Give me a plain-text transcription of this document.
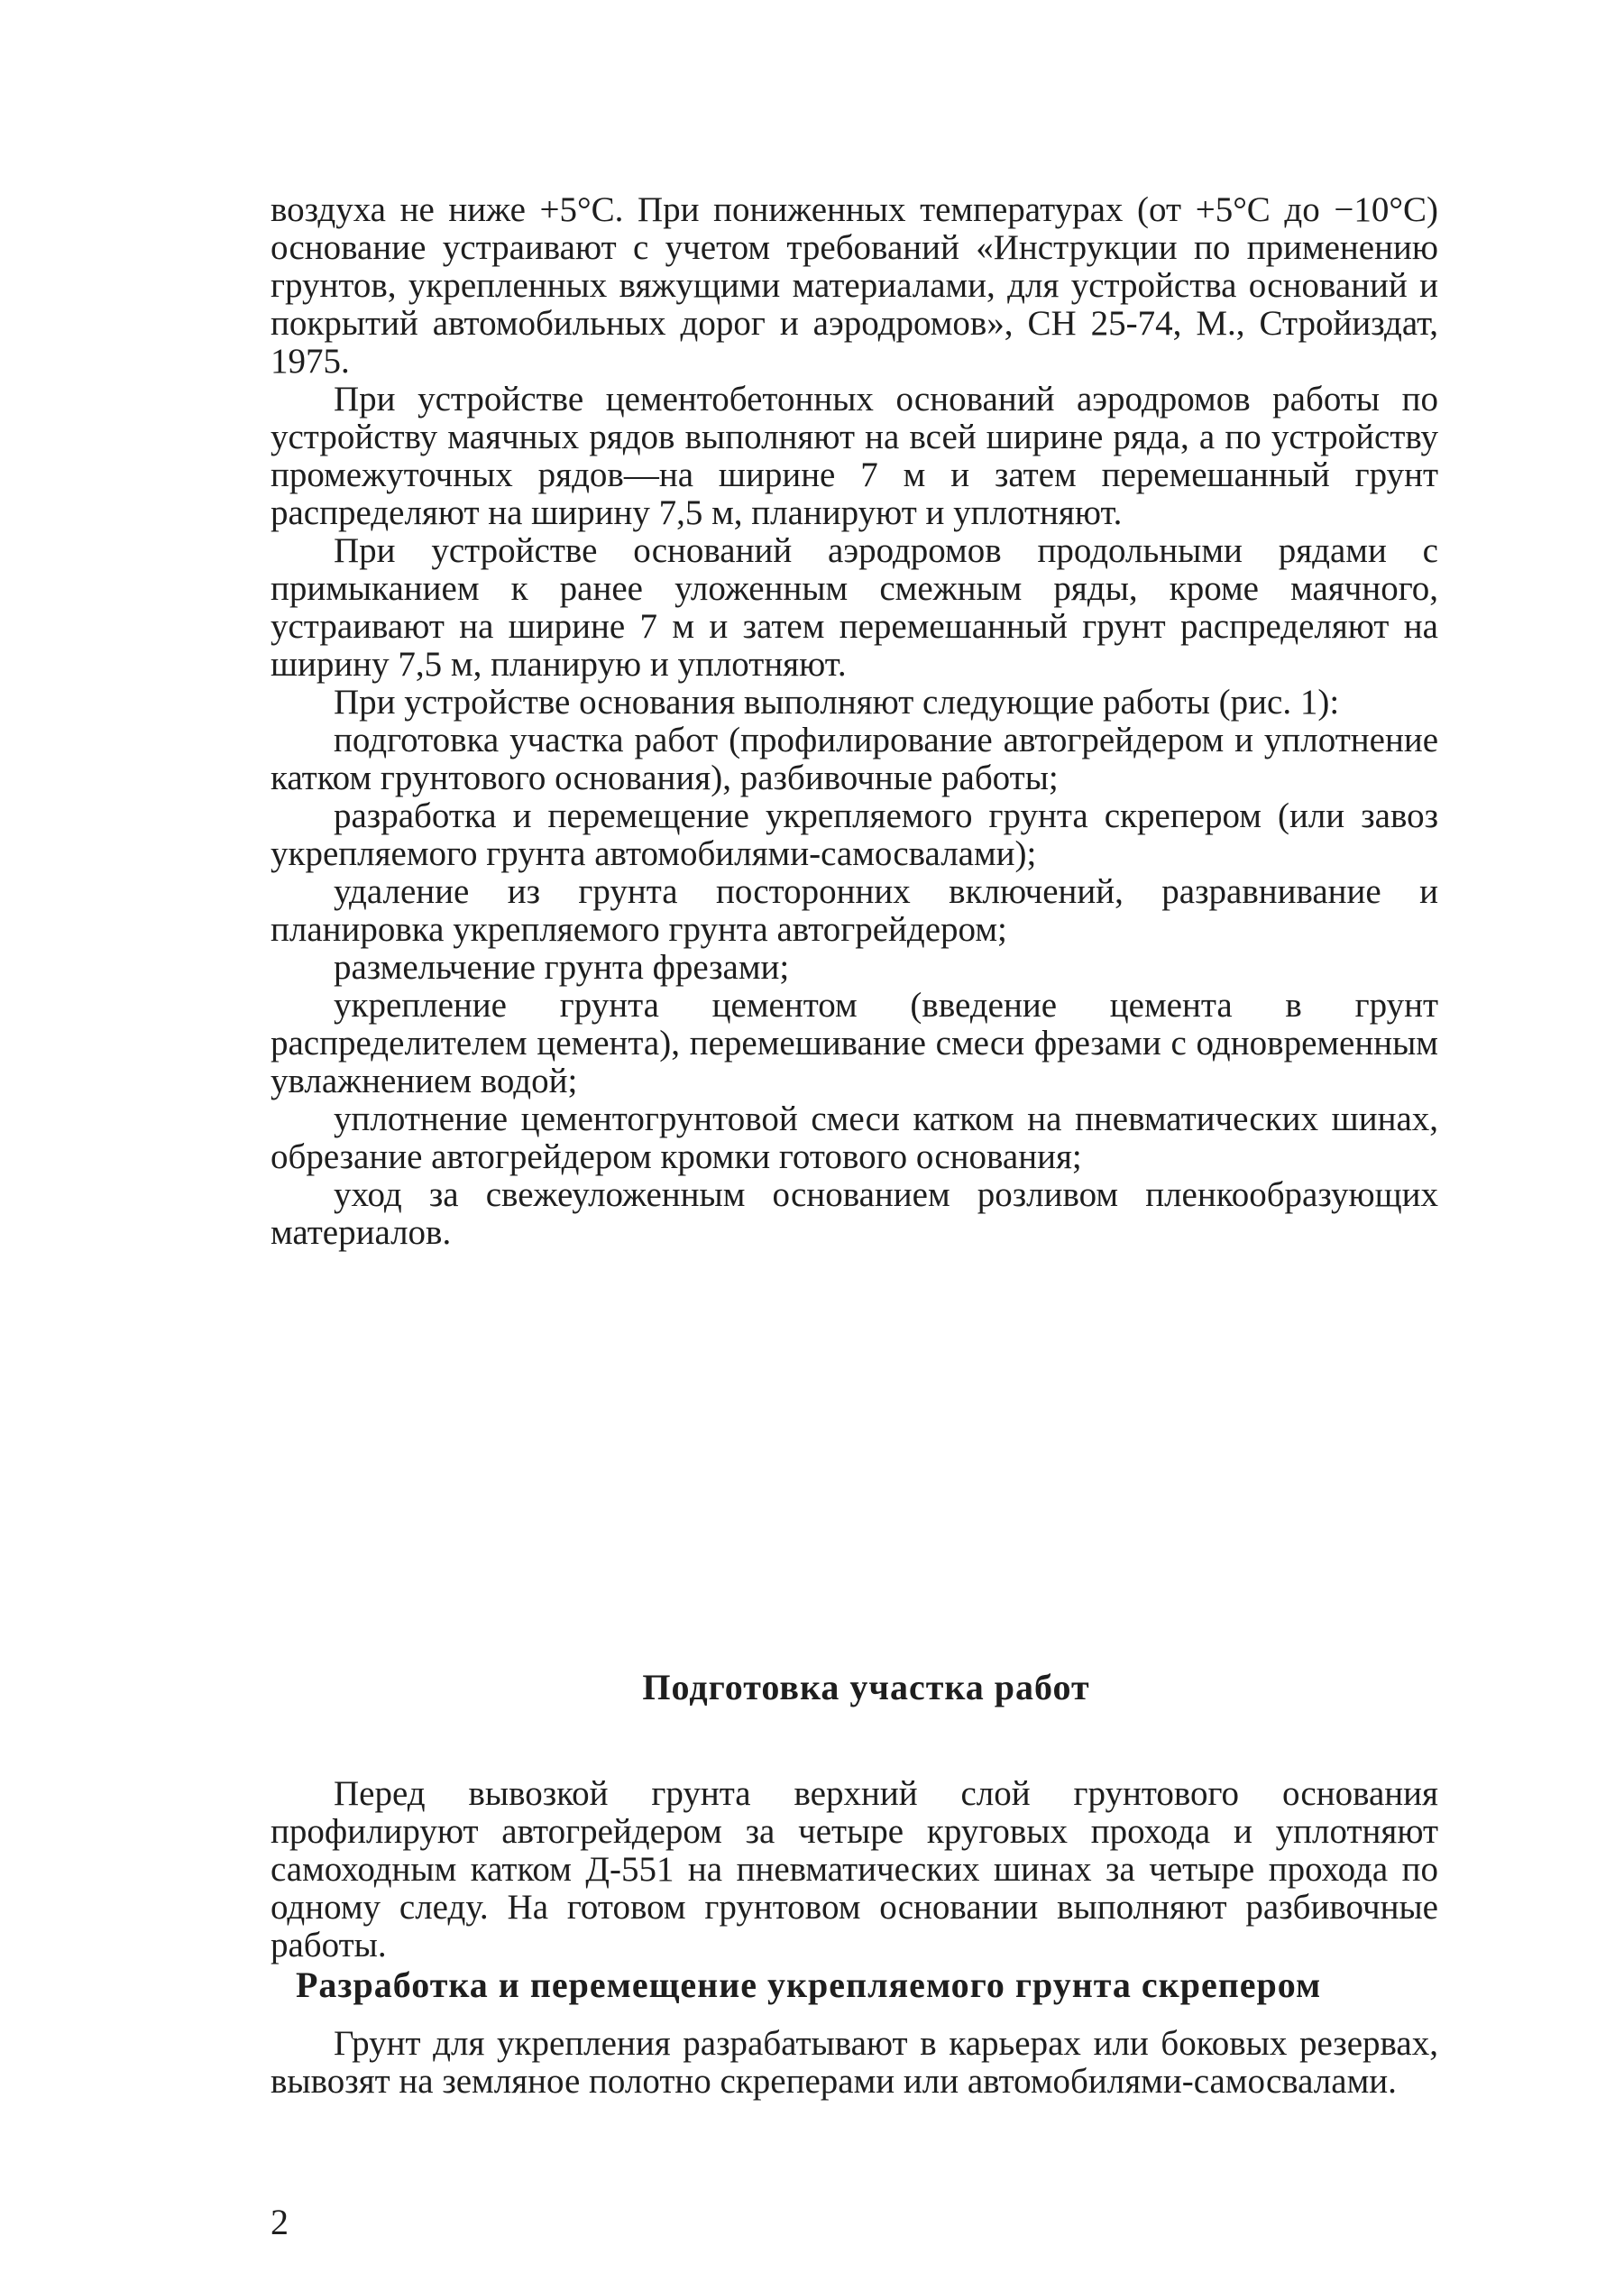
воздуха не ниже +5°С. При пониженных температурах (от +5°С до −10°С) основание устраивают с учетом требований «Инструкции по применению грунтов, укрепленных вяжущими материалами, для устройства оснований и покрытий автомобильных дорог и аэродромов», СН 25-74, М., Стройиздат, 1975.

При устройстве цементобетонных оснований аэродромов работы по устройству маячных рядов выполняют на всей ширине ряда, а по устройству промежуточных рядов—на ширине 7 м и затем перемешанный грунт распределяют на ширину 7,5 м, планируют и уплотняют.

При устройстве оснований аэродромов продольными рядами с примыканием к ранее уложенным смежным ряды, кроме маячного, устраивают на ширине 7 м и затем перемешанный грунт распределяют на ширину 7,5 м, планирую и уплотняют.

При устройстве основания выполняют следующие работы (рис. 1):

подготовка участка работ (профилирование автогрейдером и уплотнение катком грунтового основания), разбивочные работы;

разработка и перемещение укрепляемого грунта скрепером (или завоз укрепляемого грунта автомобилями-самосвалами);

удаление из грунта посторонних включений, разравнивание и планировка укрепляемого грунта автогрейдером;

размельчение грунта фрезами;

укрепление грунта цементом (введение цемента в грунт распределителем цемента), перемешивание смеси фрезами с одновременным увлажнением водой;

уплотнение цементогрунтовой смеси катком на пневматических шинах, обрезание автогрейдером кромки готового основания;

уход за свежеуложенным основанием розливом пленкообразующих материалов.

Подготовка участка работ

Перед вывозкой грунта верхний слой грунтового основания профилируют автогрейдером за четыре круговых прохода и уплотняют самоходным катком Д-551 на пневматических шинах за четыре прохода по одному следу. На готовом грунтовом основании выполняют разбивочные работы.

Разработка и перемещение укрепляемого грунта скрепером

Грунт для укрепления разрабатывают в карьерах или боковых резервах, вывозят на земляное полотно скреперами или автомобилями-самосвалами.

2
